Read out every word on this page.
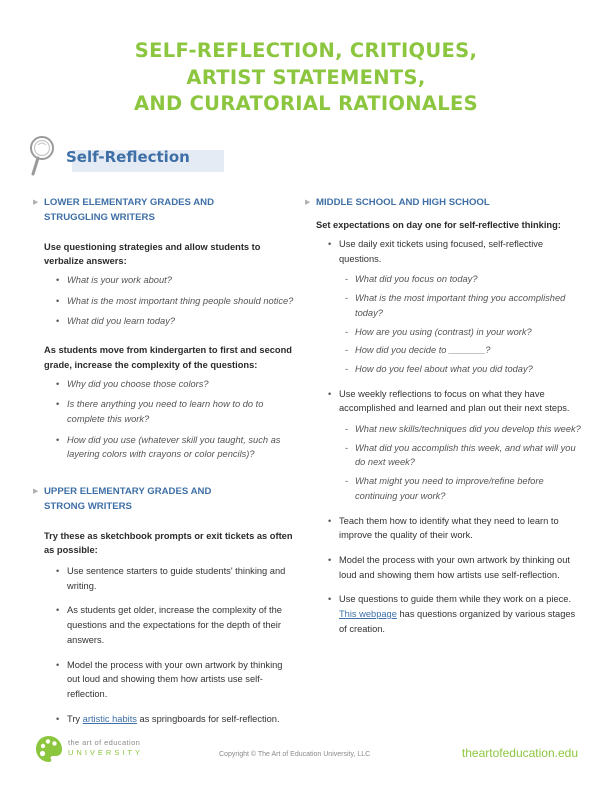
SELF-REFLECTION, CRITIQUES,
ARTIST STATEMENTS,
AND CURATORIAL RATIONALES
Self-Reflection
▶ LOWER ELEMENTARY GRADES AND
STRUGGLING WRITERS

Use questioning strategies and allow students to verbalize answers:

• What is your work about?
• What is the most important thing people should notice?
• What did you learn today?

As students move from kindergarten to first and second grade, increase the complexity of the questions:

• Why did you choose those colors?
• Is there anything you need to learn how to do to complete this work?
• How did you use (whatever skill you taught, such as layering colors with crayons or color pencils)?
▶ UPPER ELEMENTARY GRADES AND
STRONG WRITERS

Try these as sketchbook prompts or exit tickets as often as possible:

• Use sentence starters to guide students' thinking and writing.
• As students get older, increase the complexity of the questions and the expectations for the depth of their answers.
• Model the process with your own artwork by thinking out loud and showing them how artists use self-reflection.
• Try artistic habits as springboards for self-reflection.
▶ MIDDLE SCHOOL AND HIGH SCHOOL

Set expectations on day one for self-reflective thinking:

• Use daily exit tickets using focused, self-reflective questions.
- What did you focus on today?
- What is the most important thing you accomplished today?
- How are you using (contrast) in your work?
- How did you decide to _______?
- How do you feel about what you did today?
• Use weekly reflections to focus on what they have accomplished and learned and plan out their next steps.
- What new skills/techniques did you develop this week?
- What did you accomplish this week, and what will you do next week?
- What might you need to improve/refine before continuing your work?
• Teach them how to identify what they need to learn to improve the quality of their work.
• Model the process with your own artwork by thinking out loud and showing them how artists use self-reflection.
• Use questions to guide them while they work on a piece. This webpage has questions organized by various stages of creation.
the art of education
UNIVERSITY	Copyright © The Art of Education University, LLC	theartofeducation.edu
